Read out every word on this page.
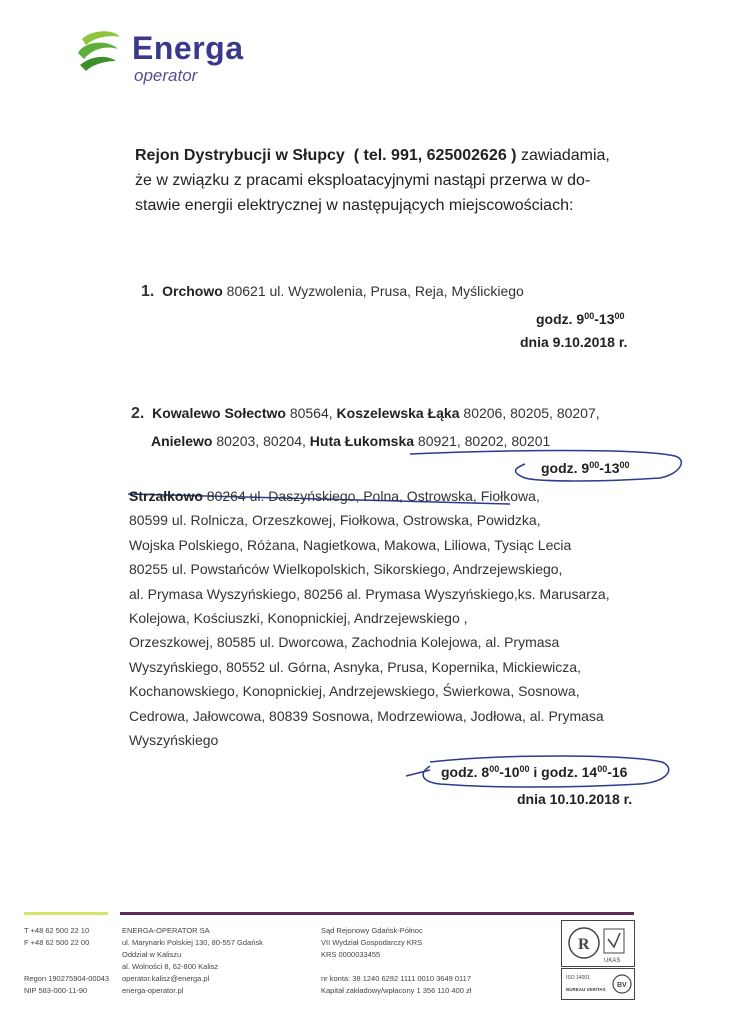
Energa
operator
Rejon Dystrybucji w Słupcy ( tel. 991, 625002626 ) zawiadamia,
że w związku z pracami eksploatacyjnymi nastąpi przerwa w do-
stawie energii elektrycznej w następujących miejscowościach:
1. Orchowo 80621 ul. Wyzwolenia, Prusa, Reja, Myślickiego
godz. $9^{00}-13^{00}$
dnia 9.10.2018 r.
2. Kowalewo Sołectwo 80564, Koszelewska Łąka 80206, 80205, 80207,
Anielewo 80203, 80204, Huta Łukomska 80921, 80202, 80201
godz. $9^{00}-13^{00}$
Strzałkowo 80264 ul. Daszyńskiego, Polna, Ostrowska, Fiołkowa,
80599 ul. Rolnicza, Orzeszkowej, Fiołkowa, Ostrowska, Powidzka,
Wojska Polskiego, Różana, Nagietkowa, Makowa, Liliowa, Tysiąc Lecia
80255 ul. Powstańców Wielkopolskich, Sikorskiego, Andrzejewskiego,
al. Prymasa Wyszyńskiego, 80256 al. Prymasa Wyszyńskiego,ks. Marusarza,
Kolejowa, Kościuszki, Konopnickiej, Andrzejewskiego ,
Orzeszkowej, 80585 ul. Dworcowa, Zachodnia Kolejowa, al. Prymasa
Wyszyńskiego, 80552 ul. Górna, Asnyka, Prusa, Kopernika, Mickiewicza,
Kochanowskiego, Konopnickiej, Andrzejewskiego, Świerkowa, Sosnowa,
Cedrowa, Jałowcowa, 80839 Sosnowa, Modrzewiowa, Jodłowa, al. Prymasa
Wyszyńskiego
godz. $8^{00}-10^{00}$ i godz. $14^{00}-16$
dnia 10.10.2018 r.
T +48 62 500 22 10
F +48 62 500 22 00

Regon 190275904-00043
NIP 583-000-11-90
ENERGA-OPERATOR SA
ul. Marynarki Polskiej 130, 80-557 Gdańsk
Oddział w Kaliszu
al. Wolności 8, 62-800 Kalisz
operator.kalisz@energa.pl
energa-operator.pl
Sąd Rejonowy Gdańsk-Północ
VII Wydział Gospodarczy KRS
KRS 0000033455

nr konta: 38 1240 6292 1111 0010 3649 0117
Kapitał zakładowy/wpłacony 1 356 110 400 zł
R
UKAS
ISO 14001
BUREAU VERITAS
BV
